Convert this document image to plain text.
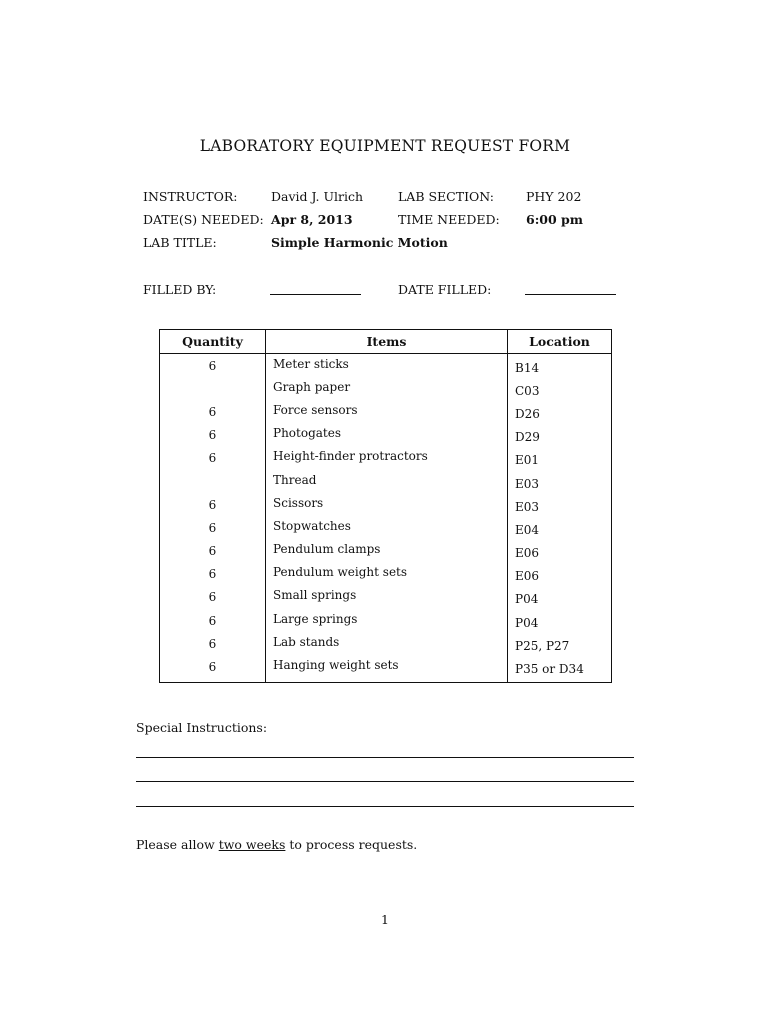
LABORATORY EQUIPMENT REQUEST FORM
INSTRUCTOR:	David J. Ulrich	LAB SECTION:	PHY 202
DATE(S) NEEDED: Apr 8, 2013	TIME NEEDED: 6:00 pm
LAB TITLE:	Simple Harmonic Motion
FILLED BY:	DATE FILLED:
Quantity	Items	Location
6	Meter sticks	B14
	Graph paper	C03
6	Force sensors	D26
6	Photogates	D29
6	Height-finder protractors	E01
	Thread	E03
6	Scissors	E03
6	Stopwatches	E04
6	Pendulum clamps	E06
6	Pendulum weight sets	E06
6	Small springs	P04
6	Large springs	P04
6	Lab stands	P25, P27
6	Hanging weight sets	P35 or D34
Special Instructions:
Please allow two weeks to process requests.
1
